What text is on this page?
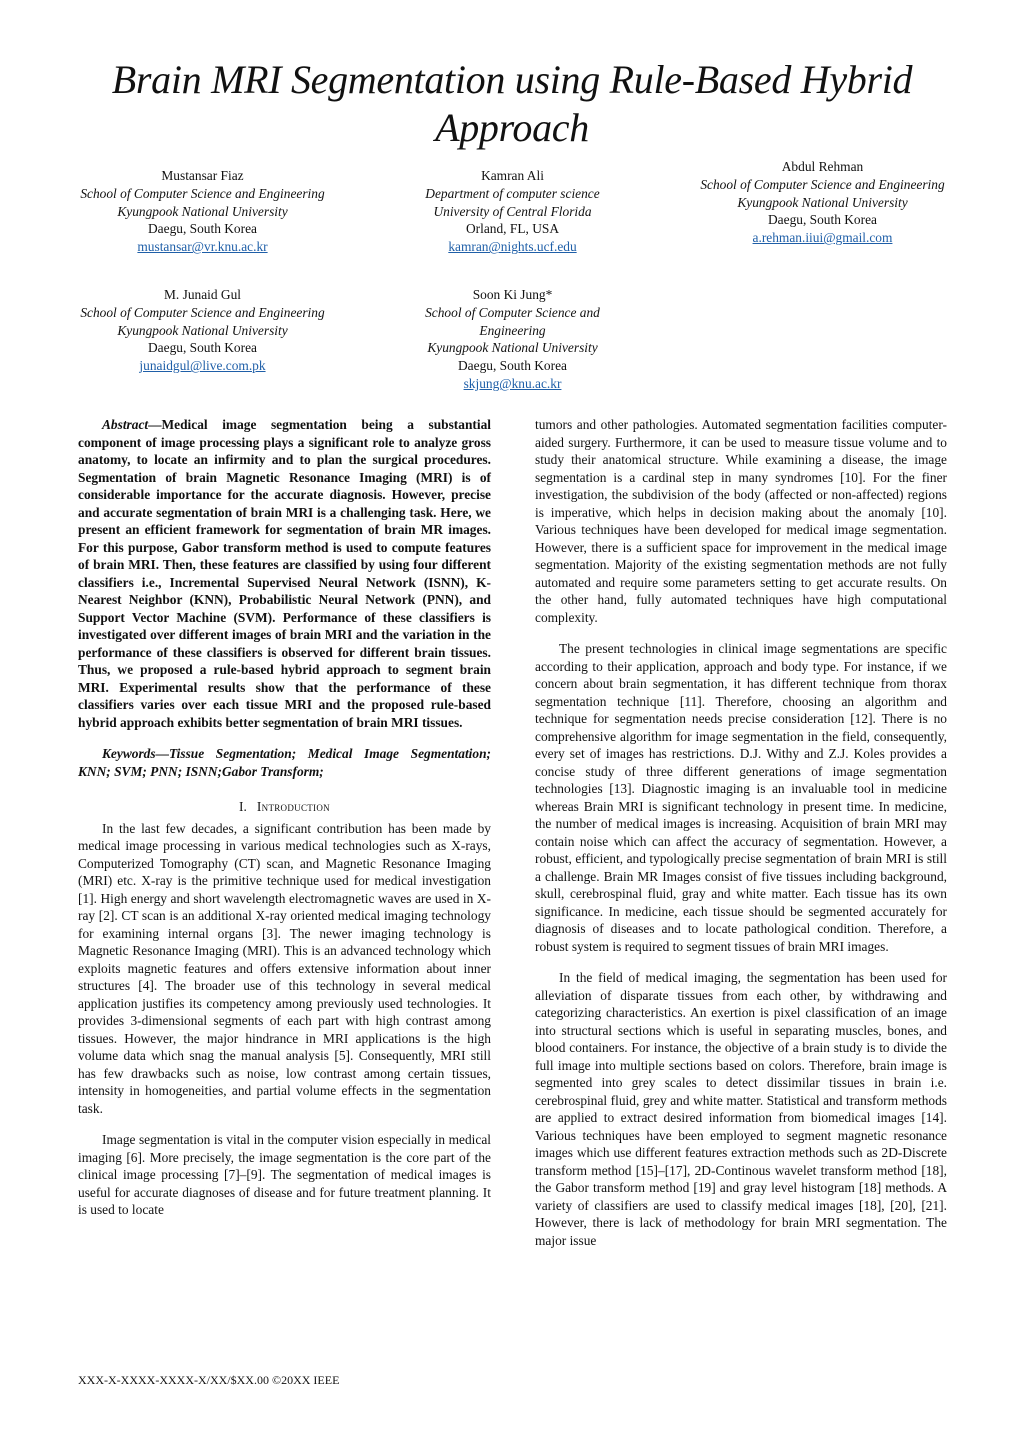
Brain MRI Segmentation using Rule-Based Hybrid Approach
Mustansar Fiaz
School of Computer Science and Engineering
Kyungpook National University
Daegu, South Korea
mustansar@vr.knu.ac.kr
Kamran Ali
Department of computer science
University of Central Florida
Orland, FL, USA
kamran@nights.ucf.edu
Abdul Rehman
School of Computer Science and Engineering
Kyungpook National University
Daegu, South Korea
a.rehman.iiui@gmail.com
M. Junaid Gul
School of Computer Science and Engineering
Kyungpook National University
Daegu, South Korea
junaidgul@live.com.pk
Soon Ki Jung*
School of Computer Science and Engineering
Kyungpook National University
Daegu, South Korea
skjung@knu.ac.kr

Abstract—Medical image segmentation being a substantial component of image processing plays a significant role to analyze gross anatomy, to locate an infirmity and to plan the surgical procedures. Segmentation of brain Magnetic Resonance Imaging (MRI) is of considerable importance for the accurate diagnosis. However, precise and accurate segmentation of brain MRI is a challenging task. Here, we present an efficient framework for segmentation of brain MR images. For this purpose, Gabor transform method is used to compute features of brain MRI. Then, these features are classified by using four different classifiers i.e., Incremental Supervised Neural Network (ISNN), K-Nearest Neighbor (KNN), Probabilistic Neural Network (PNN), and Support Vector Machine (SVM). Performance of these classifiers is investigated over different images of brain MRI and the variation in the performance of these classifiers is observed for different brain tissues. Thus, we proposed a rule-based hybrid approach to segment brain MRI. Experimental results show that the performance of these classifiers varies over each tissue MRI and the proposed rule-based hybrid approach exhibits better segmentation of brain MRI tissues.

Keywords—Tissue Segmentation; Medical Image Segmentation; KNN; SVM; PNN; ISNN;Gabor Transform;

I. Introduction

In the last few decades, a significant contribution has been made by medical image processing in various medical technologies such as X-rays, Computerized Tomography (CT) scan, and Magnetic Resonance Imaging (MRI) etc. X-ray is the primitive technique used for medical investigation [1]. High energy and short wavelength electromagnetic waves are used in X-ray [2]. CT scan is an additional X-ray oriented medical imaging technology for examining internal organs [3]. The newer imaging technology is Magnetic Resonance Imaging (MRI). This is an advanced technology which exploits magnetic features and offers extensive information about inner structures [4]. The broader use of this technology in several medical application justifies its competency among previously used technologies. It provides 3-dimensional segments of each part with high contrast among tissues. However, the major hindrance in MRI applications is the high volume data which snag the manual analysis [5]. Consequently, MRI still has few drawbacks such as noise, low contrast among certain tissues, intensity in homogeneities, and partial volume effects in the segmentation task.

Image segmentation is vital in the computer vision especially in medical imaging [6]. More precisely, the image segmentation is the core part of the clinical image processing [7]–[9]. The segmentation of medical images is useful for accurate diagnoses of disease and for future treatment planning. It is used to locate

tumors and other pathologies. Automated segmentation facilities computer-aided surgery. Furthermore, it can be used to measure tissue volume and to study their anatomical structure. While examining a disease, the image segmentation is a cardinal step in many syndromes [10]. For the finer investigation, the subdivision of the body (affected or non-affected) regions is imperative, which helps in decision making about the anomaly [10]. Various techniques have been developed for medical image segmentation. However, there is a sufficient space for improvement in the medical image segmentation. Majority of the existing segmentation methods are not fully automated and require some parameters setting to get accurate results. On the other hand, fully automated techniques have high computational complexity.

The present technologies in clinical image segmentations are specific according to their application, approach and body type. For instance, if we concern about brain segmentation, it has different technique from thorax segmentation technique [11]. Therefore, choosing an algorithm and technique for segmentation needs precise consideration [12]. There is no comprehensive algorithm for image segmentation in the field, consequently, every set of images has restrictions. D.J. Withy and Z.J. Koles provides a concise study of three different generations of image segmentation technologies [13]. Diagnostic imaging is an invaluable tool in medicine whereas Brain MRI is significant technology in present time. In medicine, the number of medical images is increasing. Acquisition of brain MRI may contain noise which can affect the accuracy of segmentation. However, a robust, efficient, and typologically precise segmentation of brain MRI is still a challenge. Brain MR Images consist of five tissues including background, skull, cerebrospinal fluid, gray and white matter. Each tissue has its own significance. In medicine, each tissue should be segmented accurately for diagnosis of diseases and to locate pathological condition. Therefore, a robust system is required to segment tissues of brain MRI images.

In the field of medical imaging, the segmentation has been used for alleviation of disparate tissues from each other, by withdrawing and categorizing characteristics. An exertion is pixel classification of an image into structural sections which is useful in separating muscles, bones, and blood containers. For instance, the objective of a brain study is to divide the full image into multiple sections based on colors. Therefore, brain image is segmented into grey scales to detect dissimilar tissues in brain i.e. cerebrospinal fluid, grey and white matter. Statistical and transform methods are applied to extract desired information from biomedical images [14]. Various techniques have been employed to segment magnetic resonance images which use different features extraction methods such as 2D-Discrete transform method [15]–[17], 2D-Continous wavelet transform method [18], the Gabor transform method [19] and gray level histogram [18] methods. A variety of classifiers are used to classify medical images [18], [20], [21]. However, there is lack of methodology for brain MRI segmentation. The major issue

XXX-X-XXXX-XXXX-X/XX/$XX.00 ©20XX IEEE
